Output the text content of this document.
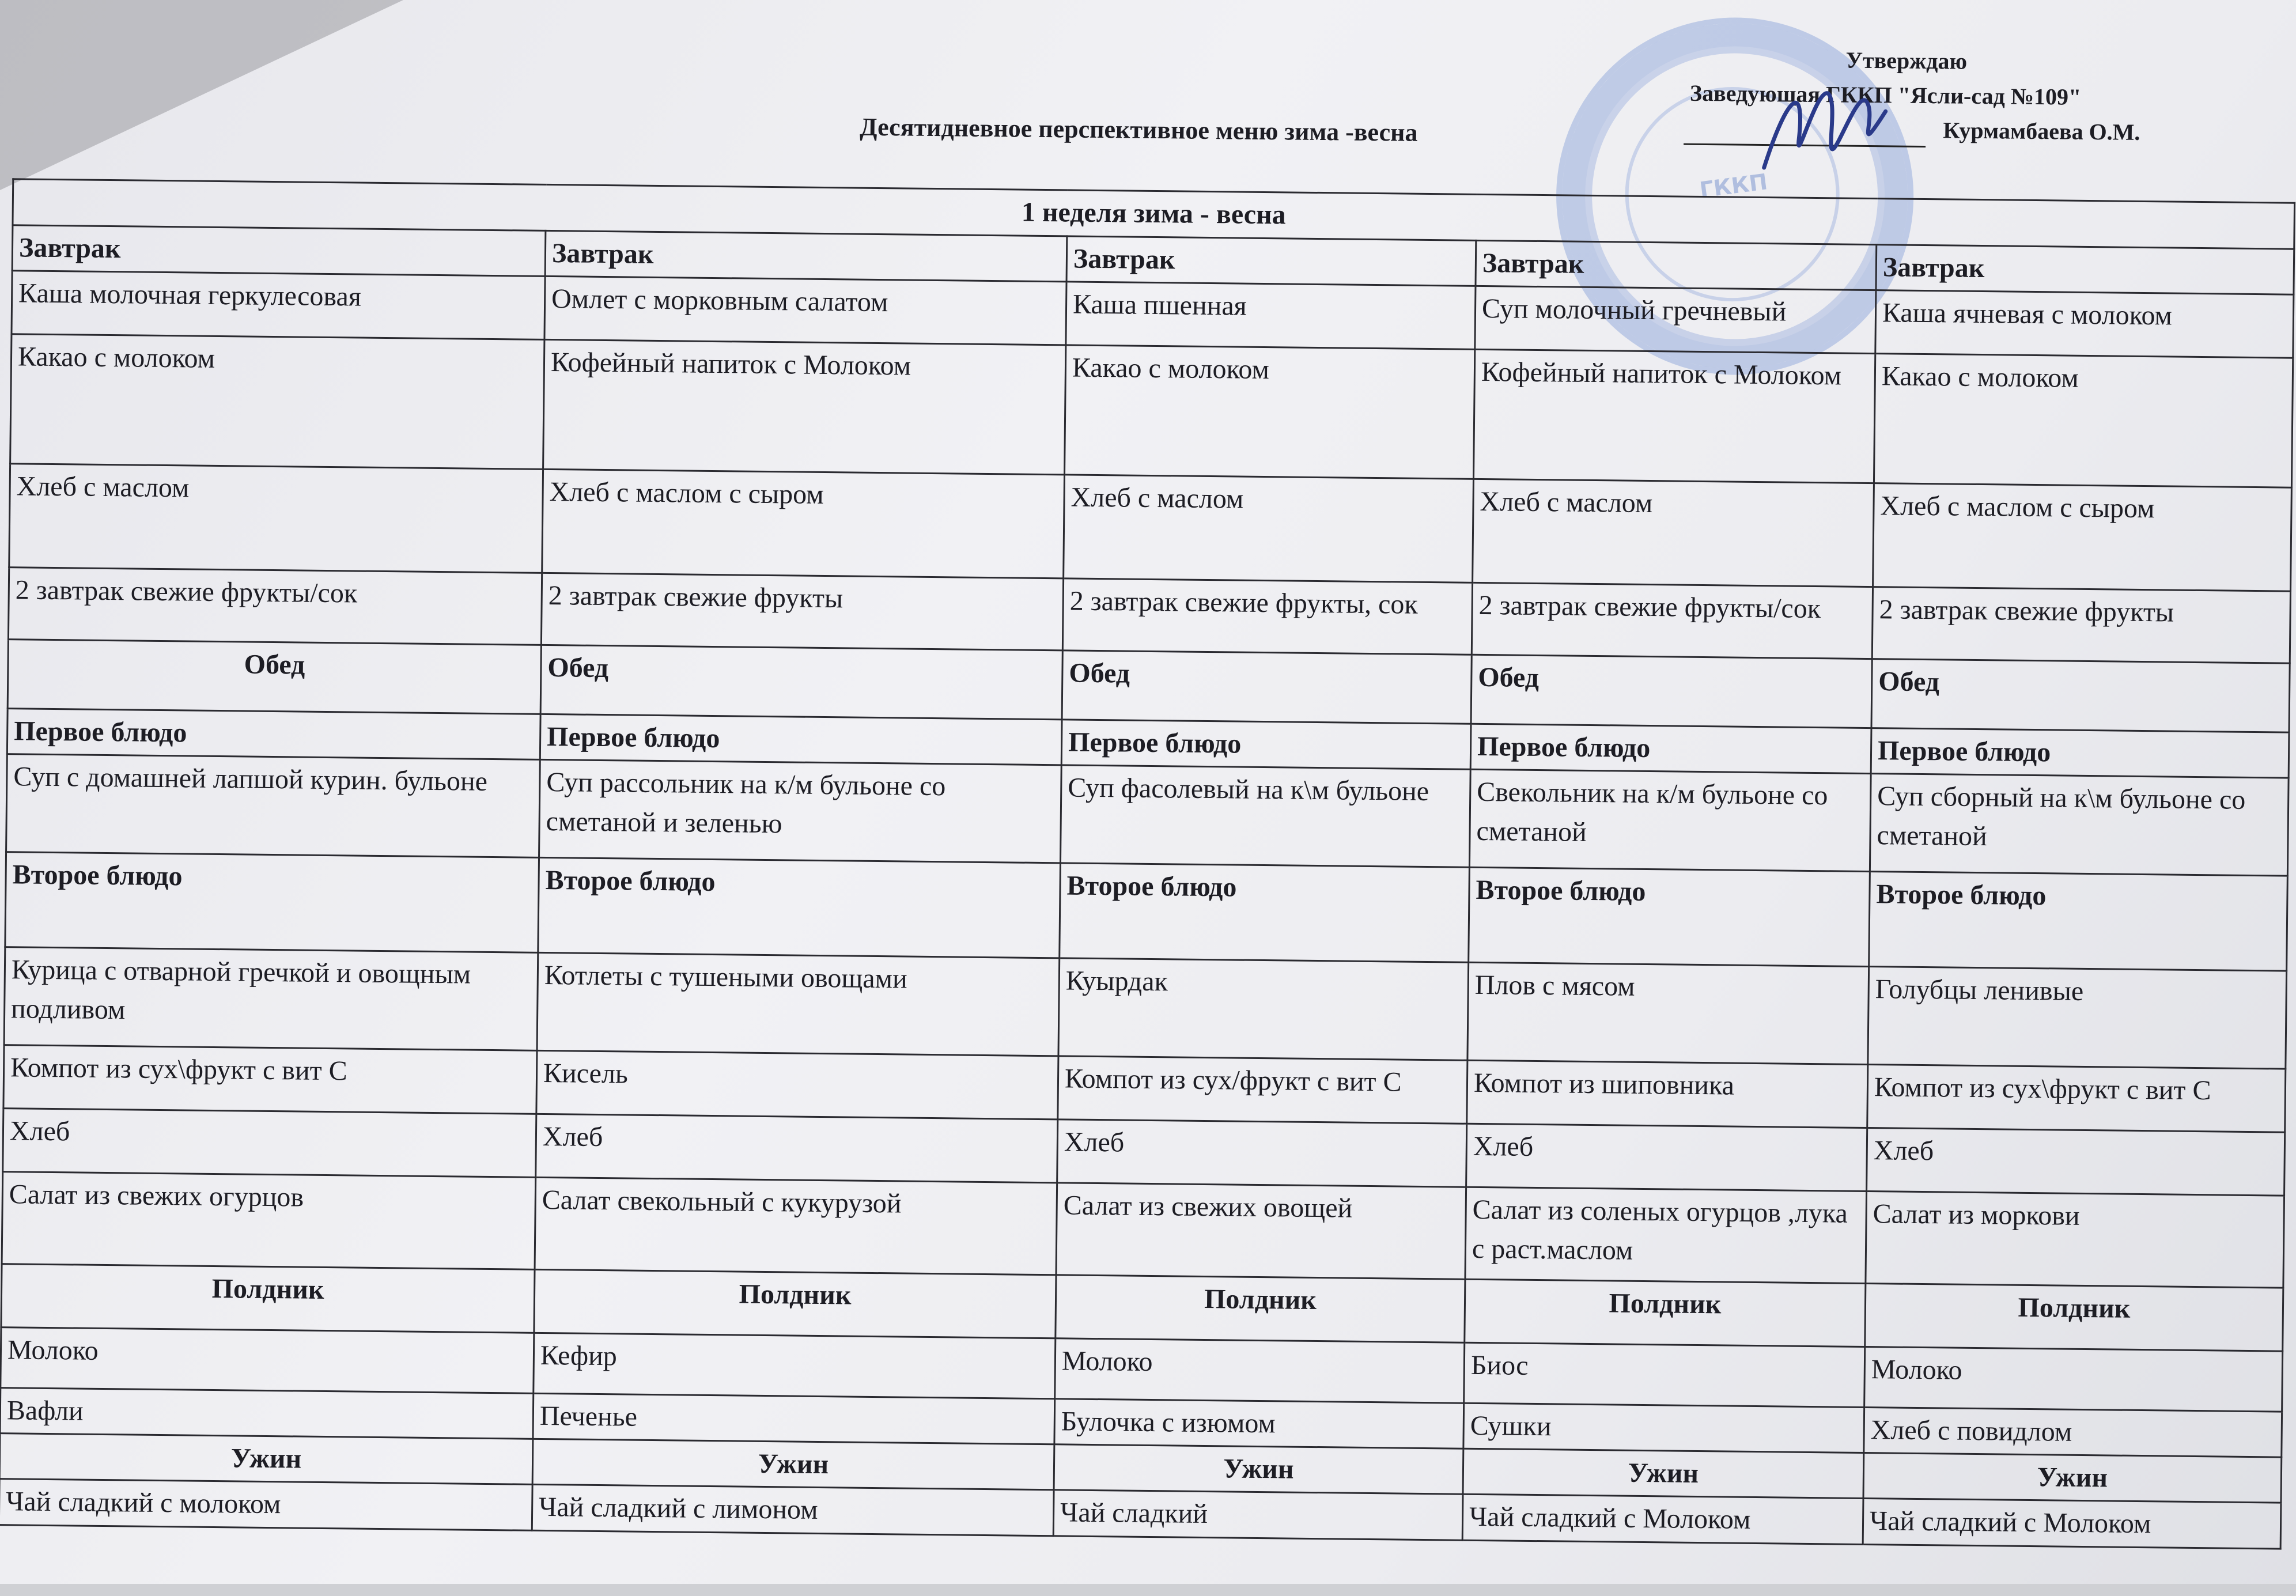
ГККП
Утверждаю
Заведующая ГККП "Ясли-сад №109"
Курмамбаева О.М.
Десятидневное перспективное меню зима -весна
1 неделя зима - весна				
Завтрак	Завтрак	Завтрак	Завтрак	Завтрак
Каша молочная геркулесовая	Омлет с морковным салатом	Каша пшенная	Суп молочный гречневый	Каша ячневая с молоком
Какао с молоком	Кофейный напиток с Молоком	Какао с молоком	Кофейный напиток с Молоком	Какао с молоком
Хлеб с маслом	Хлеб с маслом с сыром	Хлеб с маслом	Хлеб с маслом	Хлеб с маслом с сыром
2 завтрак свежие фрукты/сок	2 завтрак свежие фрукты	2 завтрак свежие фрукты, сок	2 завтрак свежие фрукты/сок	2 завтрак свежие фрукты
Обед	Обед	Обед	Обед	Обед
Первое блюдо	Первое блюдо	Первое блюдо	Первое блюдо	Первое блюдо
Суп с домашней лапшой курин. бульоне	Суп рассольник на к/м бульоне со сметаной и зеленью	Суп фасолевый на к\м бульоне	Свекольник на к/м бульоне со сметаной	Суп сборный на к\м бульоне со сметаной
Второе блюдо	Второе блюдо	Второе блюдо	Второе блюдо	Второе блюдо
Курица с отварной гречкой и овощным подливом	Котлеты с тушеными овощами	Куырдак	Плов с мясом	Голубцы ленивые
Компот из сух\фрукт с вит С	Кисель	Компот из сух/фрукт с вит С	Компот из шиповника	Компот из сух\фрукт с вит С
Хлеб	Хлеб	Хлеб	Хлеб	Хлеб
Салат из свежих огурцов	Салат свекольный с кукурузой	Салат из свежих овощей	Салат из соленых огурцов ,лука с раст.маслом	Салат из моркови
Полдник	Полдник	Полдник	Полдник	Полдник
Молоко	Кефир	Молоко	Биос	Молоко
Вафли	Печенье	Булочка с изюмом	Сушки	Хлеб с повидлом
Ужин	Ужин	Ужин	Ужин	Ужин
Чай сладкий с молоком	Чай сладкий с лимоном	Чай сладкий	Чай сладкий с Молоком	Чай сладкий с Молоком
